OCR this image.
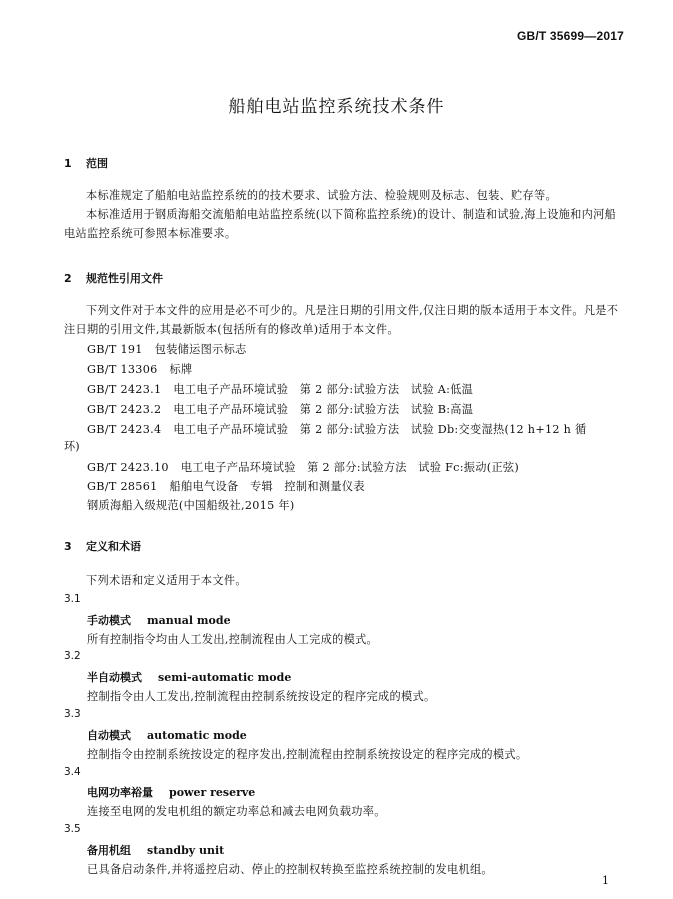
GB/T 35699—2017
船舶电站监控系统技术条件
1 范围
本标准规定了船舶电站监控系统的的技术要求、试验方法、检验规则及标志、包装、贮存等。
本标准适用于钢质海船交流船舶电站监控系统(以下简称监控系统)的设计、制造和试验,海上设施和内河船电站监控系统可参照本标准要求。
2 规范性引用文件
下列文件对于本文件的应用是必不可少的。凡是注日期的引用文件,仅注日期的版本适用于本文件。凡是不注日期的引用文件,其最新版本(包括所有的修改单)适用于本文件。
GB/T 191 包装储运图示标志
GB/T 13306 标牌
GB/T 2423.1 电工电子产品环境试验　第 2 部分:试验方法　试验 A:低温
GB/T 2423.2 电工电子产品环境试验　第 2 部分:试验方法　试验 B:高温
GB/T 2423.4 电工电子产品环境试验　第 2 部分:试验方法　试验 Db:交变湿热(12 h+12 h 循
环)
GB/T 2423.10 电工电子产品环境试验　第 2 部分:试验方法　试验 Fc:振动(正弦)
GB/T 28561 船舶电气设备　专辑　控制和测量仪表
钢质海船入级规范(中国船级社,2015 年)
3 定义和术语
下列术语和定义适用于本文件。
3.1
手动模式 manual mode
所有控制指令均由人工发出,控制流程由人工完成的模式。
3.2
半自动模式 semi-automatic mode
控制指令由人工发出,控制流程由控制系统按设定的程序完成的模式。
3.3
自动模式 automatic mode
控制指令由控制系统按设定的程序发出,控制流程由控制系统按设定的程序完成的模式。
3.4
电网功率裕量 power reserve
连接至电网的发电机组的额定功率总和减去电网负载功率。
3.5
备用机组 standby unit
已具备启动条件,并将遥控启动、停止的控制权转换至监控系统控制的发电机组。
1
